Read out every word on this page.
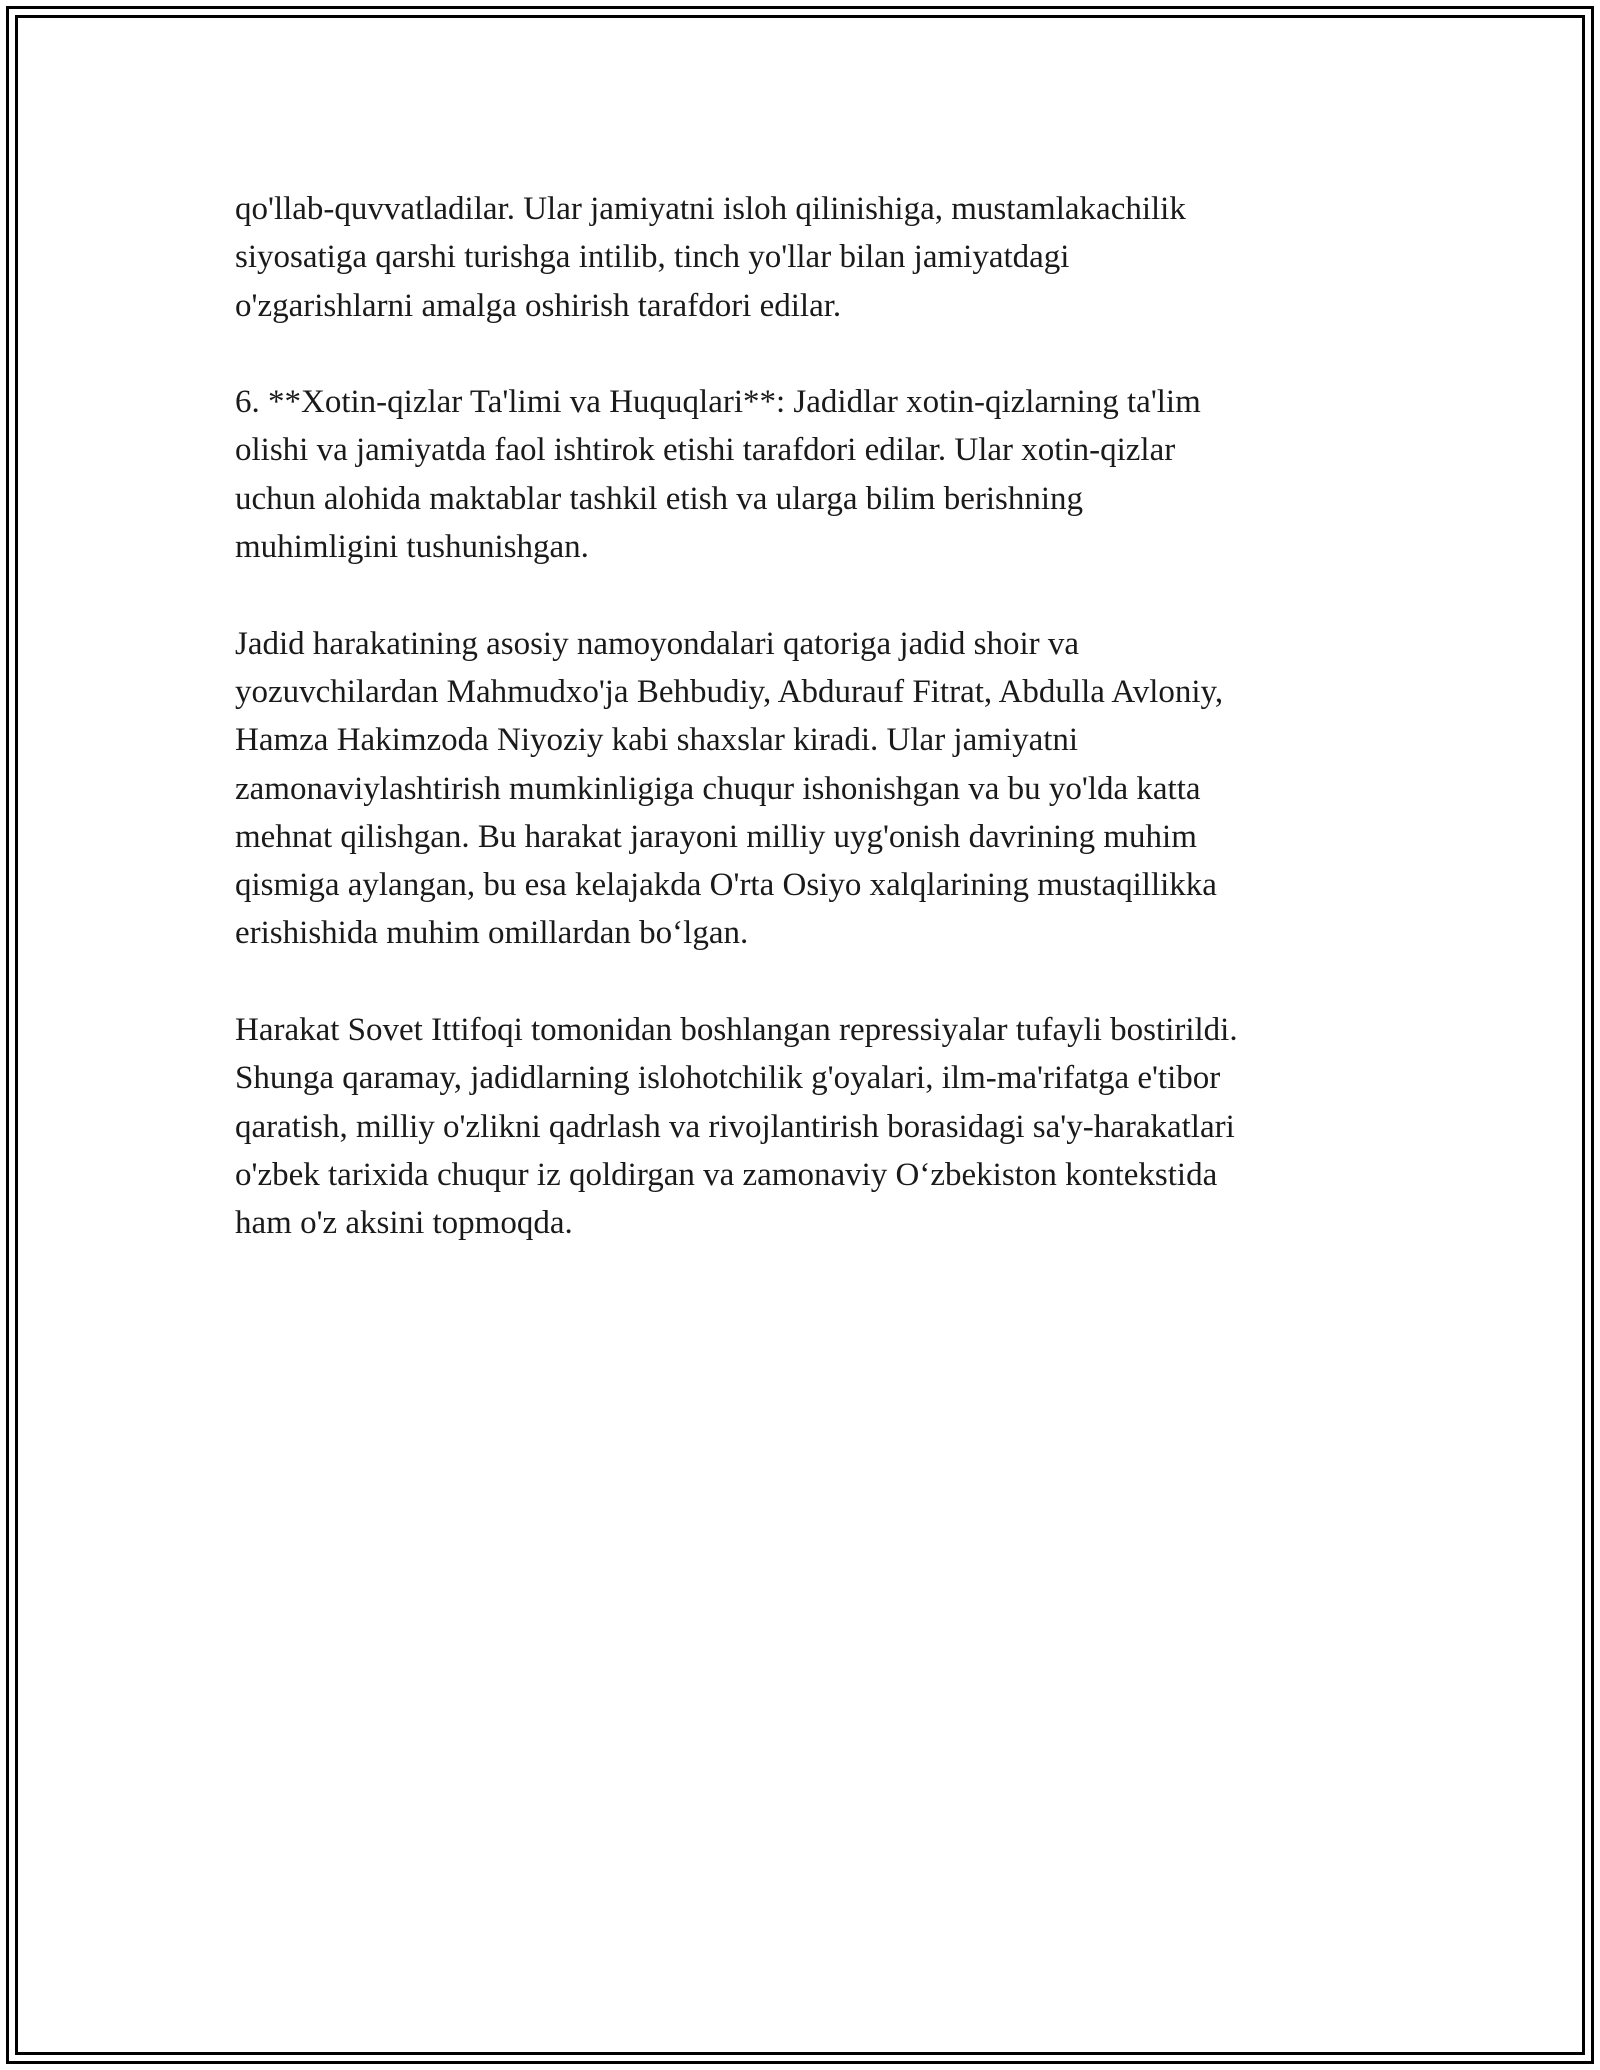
qo'llab-quvvatladilar. Ular jamiyatni isloh qilinishiga, mustamlakachilik
siyosatiga qarshi turishga intilib, tinch yo'llar bilan jamiyatdagi
o'zgarishlarni amalga oshirish tarafdori edilar.

6. **Xotin-qizlar Ta'limi va Huquqlari**: Jadidlar xotin-qizlarning ta'lim
olishi va jamiyatda faol ishtirok etishi tarafdori edilar. Ular xotin-qizlar
uchun alohida maktablar tashkil etish va ularga bilim berishning
muhimligini tushunishgan.

Jadid harakatining asosiy namoyondalari qatoriga jadid shoir va
yozuvchilardan Mahmudxo'ja Behbudiy, Abdurauf Fitrat, Abdulla Avloniy,
Hamza Hakimzoda Niyoziy kabi shaxslar kiradi. Ular jamiyatni
zamonaviylashtirish mumkinligiga chuqur ishonishgan va bu yo'lda katta
mehnat qilishgan. Bu harakat jarayoni milliy uyg'onish davrining muhim
qismiga aylangan, bu esa kelajakda O'rta Osiyo xalqlarining mustaqillikka
erishishida muhim omillardan bo‘lgan.

Harakat Sovet Ittifoqi tomonidan boshlangan repressiyalar tufayli bostirildi.
Shunga qaramay, jadidlarning islohotchilik g'oyalari, ilm-ma'rifatga e'tibor
qaratish, milliy o'zlikni qadrlash va rivojlantirish borasidagi sa'y-harakatlari
o'zbek tarixida chuqur iz qoldirgan va zamonaviy O‘zbekiston kontekstida
ham o'z aksini topmoqda.
